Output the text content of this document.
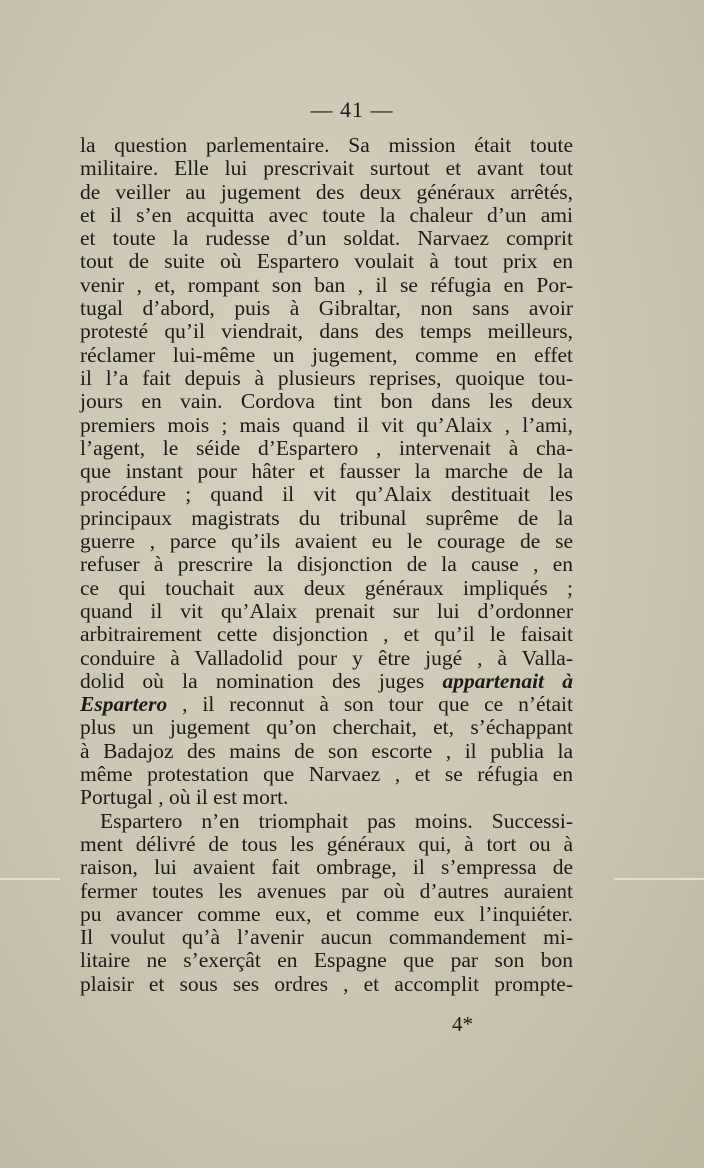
— 41 —
la question parlementaire. Sa mission était toute
militaire. Elle lui prescrivait surtout et avant tout
de veiller au jugement des deux généraux arrêtés,
et il s’en acquitta avec toute la chaleur d’un ami
et toute la rudesse d’un soldat. Narvaez comprit
tout de suite où Espartero voulait à tout prix en
venir , et, rompant son ban , il se réfugia en Por-
tugal d’abord, puis à Gibraltar, non sans avoir
protesté qu’il viendrait, dans des temps meilleurs,
réclamer lui-même un jugement, comme en effet
il l’a fait depuis à plusieurs reprises, quoique tou-
jours en vain. Cordova tint bon dans les deux
premiers mois ; mais quand il vit qu’Alaix , l’ami,
l’agent, le séide d’Espartero , intervenait à cha-
que instant pour hâter et fausser la marche de la
procédure ; quand il vit qu’Alaix destituait les
principaux magistrats du tribunal suprême de la
guerre , parce qu’ils avaient eu le courage de se
refuser à prescrire la disjonction de la cause , en
ce qui touchait aux deux généraux impliqués ;
quand il vit qu’Alaix prenait sur lui d’ordonner
arbitrairement cette disjonction , et qu’il le faisait
conduire à Valladolid pour y être jugé , à Valla-
dolid où la nomination des juges appartenait à
Espartero , il reconnut à son tour que ce n’était
plus un jugement qu’on cherchait, et, s’échappant
à Badajoz des mains de son escorte , il publia la
même protestation que Narvaez , et se réfugia en
Portugal , où il est mort.
Espartero n’en triomphait pas moins. Successi-
ment délivré de tous les généraux qui, à tort ou à
raison, lui avaient fait ombrage, il s’empressa de
fermer toutes les avenues par où d’autres auraient
pu avancer comme eux, et comme eux l’inquiéter.
Il voulut qu’à l’avenir aucun commandement mi-
litaire ne s’exerçât en Espagne que par son bon
plaisir et sous ses ordres , et accomplit prompte-
4*
